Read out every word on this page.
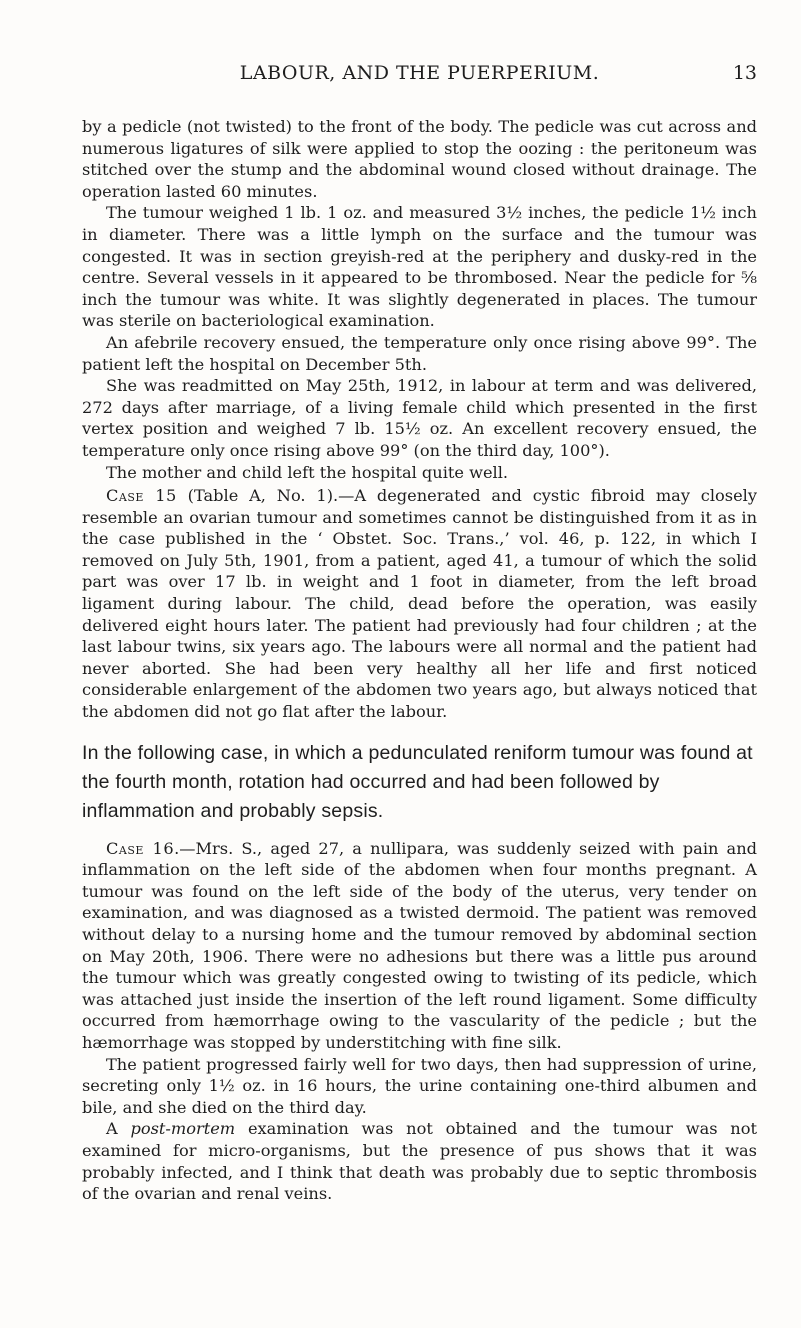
LABOUR, AND THE PUERPERIUM.	13

by a pedicle (not twisted) to the front of the body. The pedicle was cut across and numerous ligatures of silk were applied to stop the oozing : the peritoneum was stitched over the stump and the abdominal wound closed without drainage. The operation lasted 60 minutes.

The tumour weighed 1 lb. 1 oz. and measured 3½ inches, the pedicle 1½ inch in diameter. There was a little lymph on the surface and the tumour was congested. It was in section greyish-red at the periphery and dusky-red in the centre. Several vessels in it appeared to be thrombosed. Near the pedicle for ⅝ inch the tumour was white. It was slightly degenerated in places. The tumour was sterile on bacteriological examination.

An afebrile recovery ensued, the temperature only once rising above 99°. The patient left the hospital on December 5th.

She was readmitted on May 25th, 1912, in labour at term and was delivered, 272 days after marriage, of a living female child which presented in the first vertex position and weighed 7 lb. 15½ oz. An excellent recovery ensued, the temperature only once rising above 99° (on the third day, 100°).

The mother and child left the hospital quite well.

Case 15 (Table A, No. 1).—A degenerated and cystic fibroid may closely resemble an ovarian tumour and sometimes cannot be distinguished from it as in the case published in the ‘ Obstet. Soc. Trans.,’ vol. 46, p. 122, in which I removed on July 5th, 1901, from a patient, aged 41, a tumour of which the solid part was over 17 lb. in weight and 1 foot in diameter, from the left broad ligament during labour. The child, dead before the operation, was easily delivered eight hours later. The patient had previously had four children ; at the last labour twins, six years ago. The labours were all normal and the patient had never aborted. She had been very healthy all her life and first noticed considerable enlargement of the abdomen two years ago, but always noticed that the abdomen did not go flat after the labour.

In the following case, in which a pedunculated reniform tumour was found at the fourth month, rotation had occurred and had been followed by inflammation and probably sepsis.

Case 16.—Mrs. S., aged 27, a nullipara, was suddenly seized with pain and inflammation on the left side of the abdomen when four months pregnant. A tumour was found on the left side of the body of the uterus, very tender on examination, and was diagnosed as a twisted dermoid. The patient was removed without delay to a nursing home and the tumour removed by abdominal section on May 20th, 1906. There were no adhesions but there was a little pus around the tumour which was greatly congested owing to twisting of its pedicle, which was attached just inside the insertion of the left round ligament. Some difficulty occurred from hæmorrhage owing to the vascularity of the pedicle ; but the hæmorrhage was stopped by understitching with fine silk.

The patient progressed fairly well for two days, then had suppression of urine, secreting only 1½ oz. in 16 hours, the urine containing one-third albumen and bile, and she died on the third day.

A post-mortem examination was not obtained and the tumour was not examined for micro-organisms, but the presence of pus shows that it was probably infected, and I think that death was probably due to septic thrombosis of the ovarian and renal veins.
